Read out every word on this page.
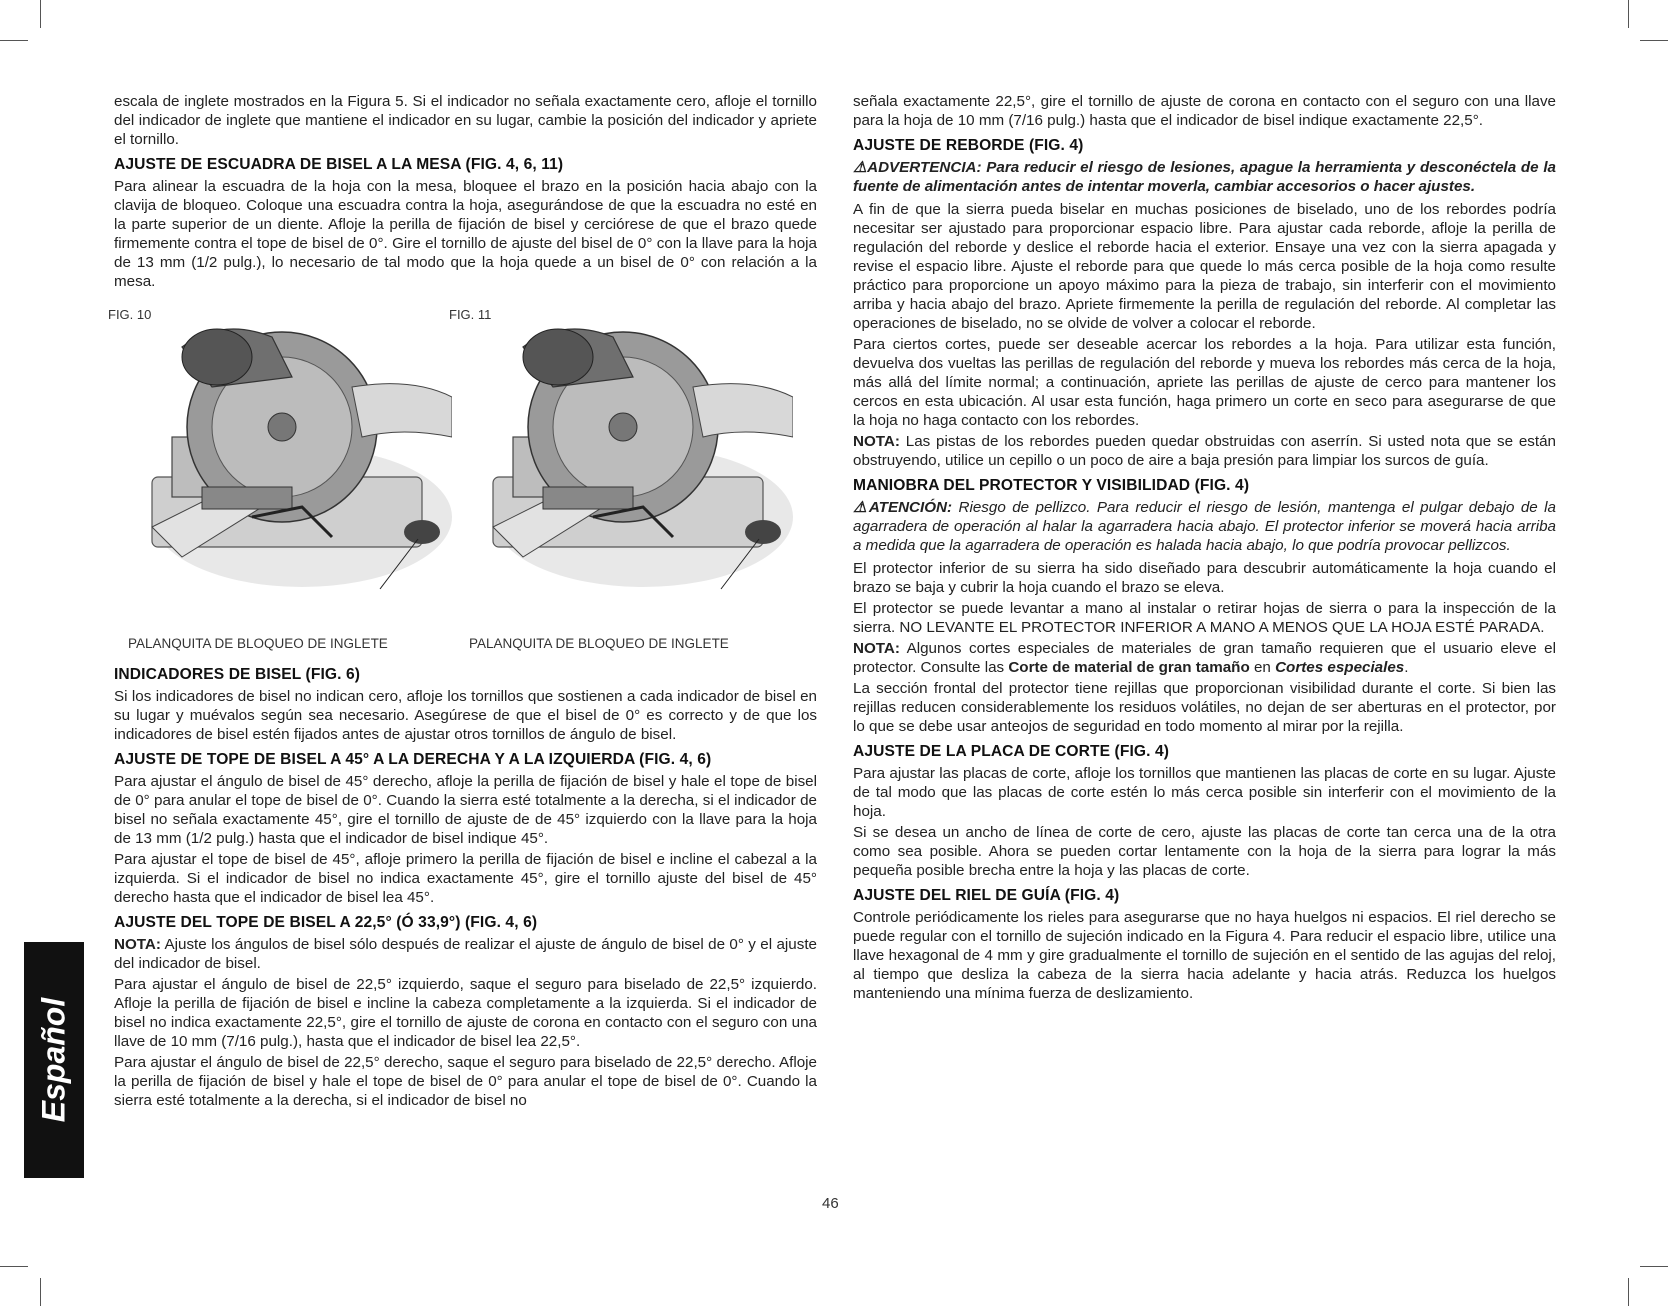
Español

escala de inglete mostrados en la Figura 5. Si el indicador no señala exactamente cero, afloje el tornillo del indicador de inglete que mantiene el indicador en su lugar, cambie la posición del indicador y apriete el tornillo.

AJUSTE DE ESCUADRA DE BISEL A LA MESA (FIG. 4, 6, 11)

Para alinear la escuadra de la hoja con la mesa, bloquee el brazo en la posición hacia abajo con la clavija de bloqueo. Coloque una escuadra contra la hoja, asegurándose de que la escuadra no esté en la parte superior de un diente. Afloje la perilla de fijación de bisel y cerciórese de que el brazo quede firmemente contra el tope de bisel de 0°. Gire el tornillo de ajuste del bisel de 0° con la llave para la hoja de 13 mm (1/2 pulg.), lo necesario de tal modo que la hoja quede a un bisel de 0° con relación a la mesa.

FIG. 10
PALANQUITA DE BLOQUEO DE INGLETE
FIG. 11
PALANQUITA DE BLOQUEO DE INGLETE
INDICADORES DE BISEL (FIG. 6)

Si los indicadores de bisel no indican cero, afloje los tornillos que sostienen a cada indicador de bisel en su lugar y muévalos según sea necesario. Asegúrese de que el bisel de 0° es correcto y de que los indicadores de bisel estén fijados antes de ajustar otros tornillos de ángulo de bisel.

AJUSTE DE TOPE DE BISEL A 45° A LA DERECHA Y A LA IZQUIERDA (FIG. 4, 6)

Para ajustar el ángulo de bisel de 45° derecho, afloje la perilla de fijación de bisel y hale el tope de bisel de 0° para anular el tope de bisel de 0°. Cuando la sierra esté totalmente a la derecha, si el indicador de bisel no señala exactamente 45°, gire el tornillo de ajuste de de 45° izquierdo con la llave para la hoja de 13 mm (1/2 pulg.) hasta que el indicador de bisel indique 45°.

Para ajustar el tope de bisel de 45°, afloje primero la perilla de fijación de bisel e incline el cabezal a la izquierda. Si el indicador de bisel no indica exactamente 45°, gire el tornillo ajuste del bisel de 45° derecho hasta que el indicador de bisel lea 45°.

AJUSTE DEL TOPE DE BISEL A 22,5° (Ó 33,9°) (FIG. 4, 6)

NOTA: Ajuste los ángulos de bisel sólo después de realizar el ajuste de ángulo de bisel de 0° y el ajuste del indicador de bisel.

Para ajustar el ángulo de bisel de 22,5° izquierdo, saque el seguro para biselado de 22,5° izquierdo. Afloje la perilla de fijación de bisel e incline la cabeza completamente a la izquierda. Si el indicador de bisel no indica exactamente 22,5°, gire el tornillo de ajuste de corona en contacto con el seguro con una llave de 10 mm (7/16 pulg.), hasta que el indicador de bisel lea 22,5°.

Para ajustar el ángulo de bisel de 22,5° derecho, saque el seguro para biselado de 22,5° derecho. Afloje la perilla de fijación de bisel y hale el tope de bisel de 0° para anular el tope de bisel de 0°. Cuando la sierra esté totalmente a la derecha, si el indicador de bisel no

señala exactamente 22,5°, gire el tornillo de ajuste de corona en contacto con el seguro con una llave para la hoja de 10 mm (7/16 pulg.) hasta que el indicador de bisel indique exactamente 22,5°.

AJUSTE DE REBORDE (FIG. 4)

⚠ADVERTENCIA: Para reducir el riesgo de lesiones, apague la herramienta y desconéctela de la fuente de alimentación antes de intentar moverla, cambiar accesorios o hacer ajustes.

A fin de que la sierra pueda biselar en muchas posiciones de biselado, uno de los rebordes podría necesitar ser ajustado para proporcionar espacio libre. Para ajustar cada reborde, afloje la perilla de regulación del reborde y deslice el reborde hacia el exterior. Ensaye una vez con la sierra apagada y revise el espacio libre. Ajuste el reborde para que quede lo más cerca posible de la hoja como resulte práctico para proporcione un apoyo máximo para la pieza de trabajo, sin interferir con el movimiento arriba y hacia abajo del brazo. Apriete firmemente la perilla de regulación del reborde. Al completar las operaciones de biselado, no se olvide de volver a colocar el reborde.

Para ciertos cortes, puede ser deseable acercar los rebordes a la hoja. Para utilizar esta función, devuelva dos vueltas las perillas de regulación del reborde y mueva los rebordes más cerca de la hoja, más allá del límite normal; a continuación, apriete las perillas de ajuste de cerco para mantener los cercos en esta ubicación. Al usar esta función, haga primero un corte en seco para asegurarse de que la hoja no haga contacto con los rebordes.

NOTA: Las pistas de los rebordes pueden quedar obstruidas con aserrín. Si usted nota que se están obstruyendo, utilice un cepillo o un poco de aire a baja presión para limpiar los surcos de guía.

MANIOBRA DEL PROTECTOR Y VISIBILIDAD (FIG. 4)

⚠ATENCIÓN: Riesgo de pellizco. Para reducir el riesgo de lesión, mantenga el pulgar debajo de la agarradera de operación al halar la agarradera hacia abajo. El protector inferior se moverá hacia arriba a medida que la agarradera de operación es halada hacia abajo, lo que podría provocar pellizcos.

El protector inferior de su sierra ha sido diseñado para descubrir automáticamente la hoja cuando el brazo se baja y cubrir la hoja cuando el brazo se eleva.

El protector se puede levantar a mano al instalar o retirar hojas de sierra o para la inspección de la sierra. NO LEVANTE EL PROTECTOR INFERIOR A MANO A MENOS QUE LA HOJA ESTÉ PARADA.

NOTA: Algunos cortes especiales de materiales de gran tamaño requieren que el usuario eleve el protector. Consulte las Corte de material de gran tamaño en Cortes especiales.

La sección frontal del protector tiene rejillas que proporcionan visibilidad durante el corte. Si bien las rejillas reducen considerablemente los residuos volátiles, no dejan de ser aberturas en el protector, por lo que se debe usar anteojos de seguridad en todo momento al mirar por la rejilla.

AJUSTE DE LA PLACA DE CORTE (FIG. 4)

Para ajustar las placas de corte, afloje los tornillos que mantienen las placas de corte en su lugar. Ajuste de tal modo que las placas de corte estén lo más cerca posible sin interferir con el movimiento de la hoja.

Si se desea un ancho de línea de corte de cero, ajuste las placas de corte tan cerca una de la otra como sea posible. Ahora se pueden cortar lentamente con la hoja de la sierra para lograr la más pequeña posible brecha entre la hoja y las placas de corte.

AJUSTE DEL RIEL DE GUÍA (FIG. 4)

Controle periódicamente los rieles para asegurarse que no haya huelgos ni espacios. El riel derecho se puede regular con el tornillo de sujeción indicado en la Figura 4. Para reducir el espacio libre, utilice una llave hexagonal de 4 mm y gire gradualmente el tornillo de sujeción en el sentido de las agujas del reloj, al tiempo que desliza la cabeza de la sierra hacia adelante y hacia atrás. Reduzca los huelgos manteniendo una mínima fuerza de deslizamiento.

46
